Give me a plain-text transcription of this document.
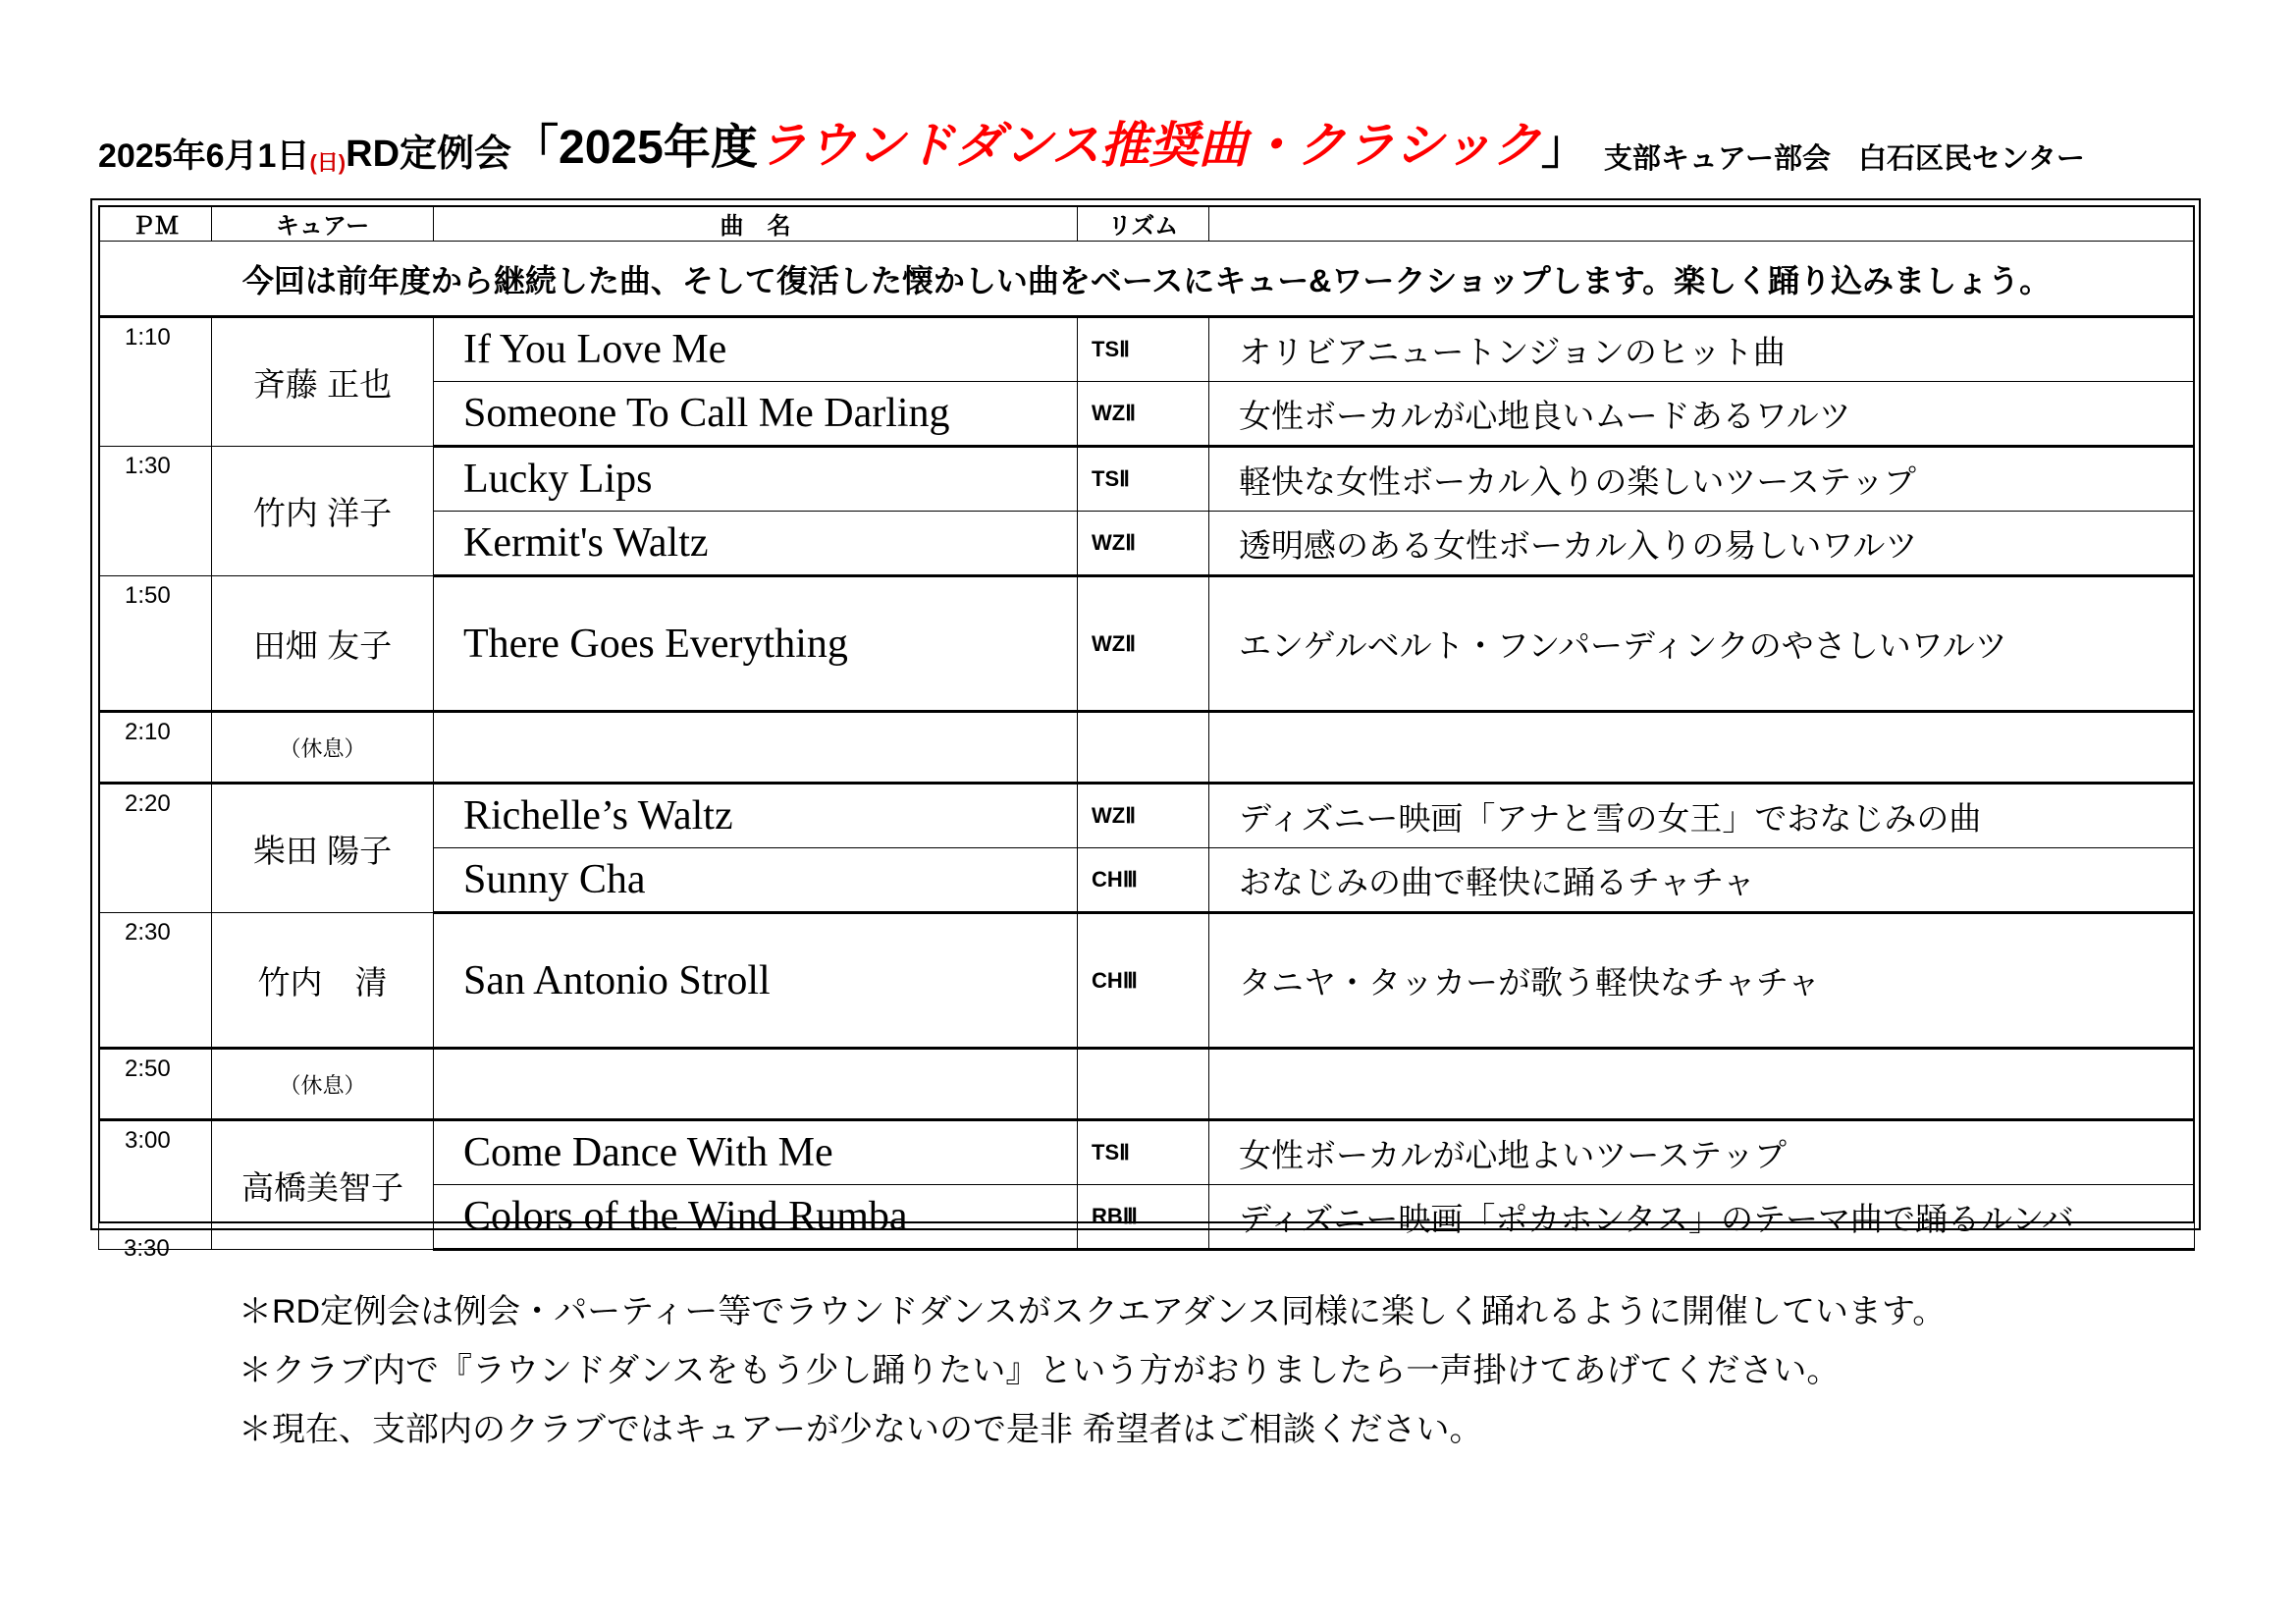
2025年6月1日 (日) RD定例会 「 2025年度 ラウンドダンス推奨曲・クラシック 」 支部キュアー部会 白石区民センター
ＰＭ	キュアー	曲　名	リズム	
今回は前年度から継続した曲、そして復活した懐かしい曲をベースにキュー&ワークショップします。楽しく踊り込みましょう。				
1:10	斉藤 正也	If You Love Me	TSⅡ	オリビアニュートンジョンのヒット曲
		Someone To Call Me Darling	WZⅡ	女性ボーカルが心地良いムードあるワルツ
1:30	竹内 洋子	Lucky Lips	TSⅡ	軽快な女性ボーカル入りの楽しいツーステップ
		Kermit's Waltz	WZⅡ	透明感のある女性ボーカル入りの易しいワルツ
1:50	田畑 友子	There Goes Everything	WZⅡ	エンゲルベルト・フンパーディンクのやさしいワルツ
2:10	（休息）			
2:20	柴田 陽子	Richelle’s Waltz	WZⅡ	ディズニー映画「アナと雪の女王」でおなじみの曲
		Sunny Cha	CHⅢ	おなじみの曲で軽快に踊るチャチャ
2:30	竹内　清	San Antonio Stroll	CHⅢ	タニヤ・タッカーが歌う軽快なチャチャ
2:50	（休息）			
3:00	高橋美智子	Come Dance With Me	TSⅡ	女性ボーカルが心地よいツーステップ
		Colors of the Wind Rumba	RBⅢ	ディズニー映画「ポカホンタス」のテーマ曲で踊るルンバ
3:30
＊RD定例会は例会・パーティー等でラウンドダンスがスクエアダンス同様に楽しく踊れるように開催しています。
＊クラブ内で『ラウンドダンスをもう少し踊りたい』という方がおりましたら一声掛けてあげてください。
＊現在、支部内のクラブではキュアーが少ないので是非 希望者はご相談ください。
